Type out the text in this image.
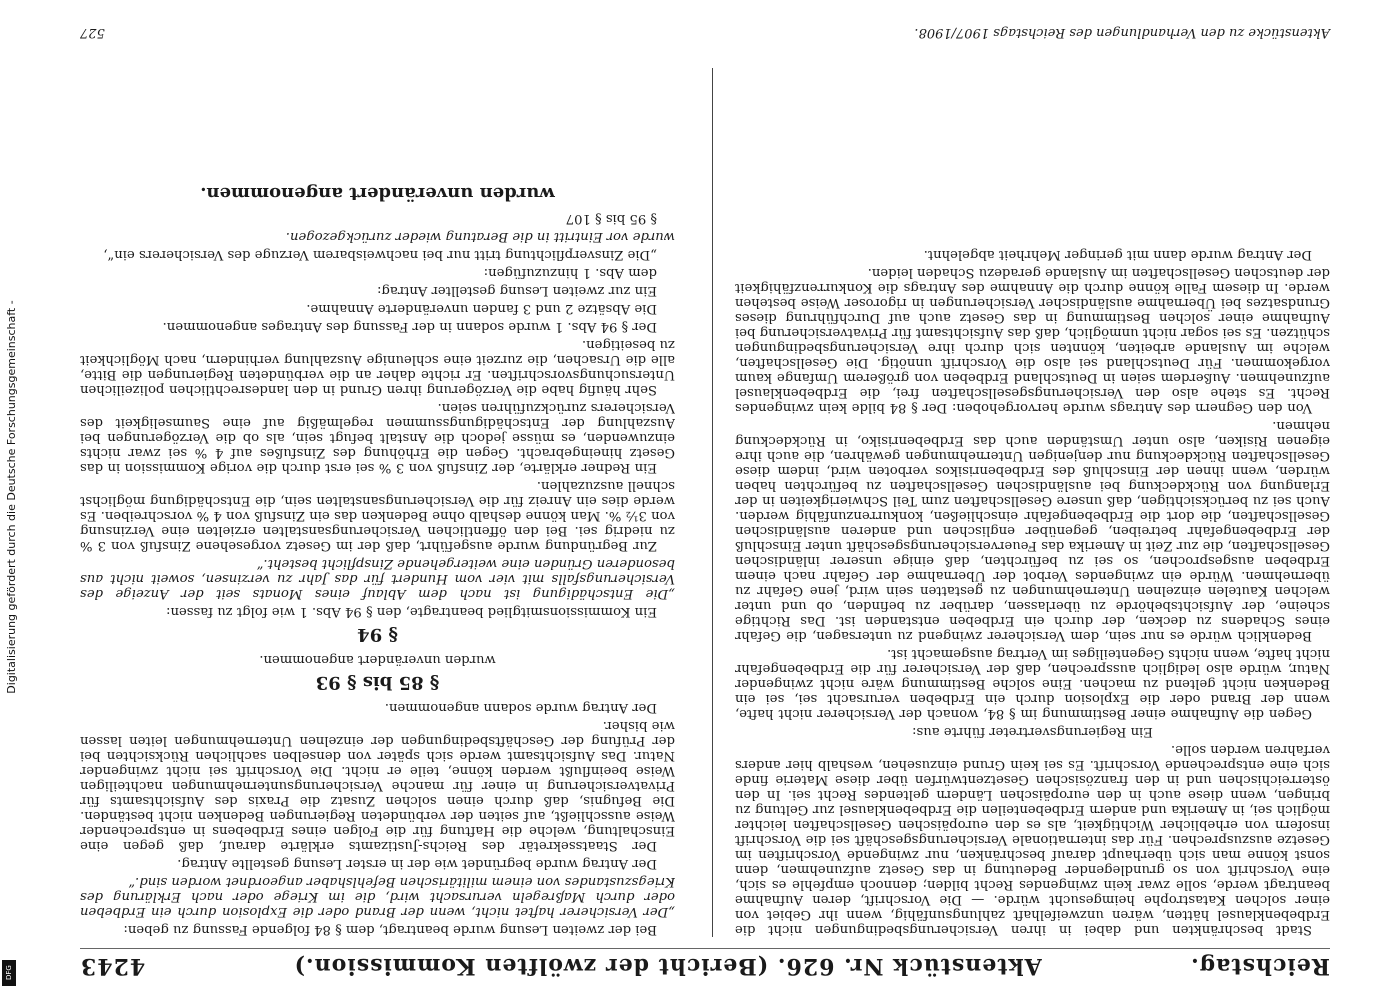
Reichstag.
Aktenstück Nr. 626. (Bericht der zwölften Kommission.)
4243

Stadt beschränkten und dabei in ihren Versicherungsbedingungen nicht die Erdbebenklausel hätten, wären unzweifelhaft zahlungsunfähig, wenn ihr Gebiet von einer solchen Katastrophe heimgesucht würde. — Die Vorschrift, deren Aufnahme beantragt werde, solle zwar kein zwingendes Recht bilden; dennoch empfehle es sich, eine Vorschrift von so grundlegender Bedeutung in das Gesetz aufzunehmen, denn sonst könne man sich überhaupt darauf beschränken, nur zwingende Vorschriften im Gesetze auszusprechen. Für das internationale Versicherungsgeschäft sei die Vorschrift insofern von erheblicher Wichtigkeit, als es den europäischen Gesellschaften leichter möglich sei, in Amerika und andern Erdbebenteilen die Erdbebenklausel zur Geltung zu bringen, wenn diese auch in den europäischen Ländern geltendes Recht sei. In den österreichischen und in den französischen Gesetzentwürfen über diese Materie finde sich eine entsprechende Vorschrift. Es sei kein Grund einzusehen, weshalb hier anders verfahren werden solle.

Ein Regierungsvertreter führte aus:

Gegen die Aufnahme einer Bestimmung im § 84, wonach der Versicherer nicht hafte, wenn der Brand oder die Explosion durch ein Erdbeben verursacht sei, sei ein Bedenken nicht geltend zu machen. Eine solche Bestimmung wäre nicht zwingender Natur, würde also lediglich aussprechen, daß der Versicherer für die Erdbebengefahr nicht hafte, wenn nichts Gegenteiliges im Vertrag ausgemacht ist.

Bedenklich würde es nur sein, dem Versicherer zwingend zu untersagen, die Gefahr eines Schadens zu decken, der durch ein Erdbeben entstanden ist. Das Richtige scheine, der Aufsichtsbehörde zu überlassen, darüber zu befinden, ob und unter welchen Kautelen einzelnen Unternehmungen zu gestatten sein wird, jene Gefahr zu übernehmen. Würde ein zwingendes Verbot der Übernahme der Gefahr nach einem Erdbeben ausgesprochen, so sei zu befürchten, daß einige unserer inländischen Gesellschaften, die zur Zeit in Amerika das Feuerversicherungsgeschäft unter Einschluß der Erdbebengefahr betreiben, gegenüber englischen und anderen ausländischen Gesellschaften, die dort die Erdbebengefahr einschließen, konkurrenzunfähig werden. Auch sei zu berücksichtigen, daß unsere Gesellschaften zum Teil Schwierigkeiten in der Erlangung von Rückdeckung bei ausländischen Gesellschaften zu befürchten haben würden, wenn ihnen der Einschluß des Erdbebenrisikos verboten wird, indem diese Gesellschaften Rückdeckung nur denjenigen Unternehmungen gewähren, die auch ihre eigenen Risiken, also unter Umständen auch das Erdbebenrisiko, in Rückdeckung nehmen.

Von den Gegnern des Antrags wurde hervorgehoben: Der § 84 bilde kein zwingendes Recht. Es stehe also den Versicherungsgesellschaften frei, die Erdbebenklausel aufzunehmen. Außerdem seien in Deutschland Erdbeben von größerem Umfange kaum vorgekommen. Für Deutschland sei also die Vorschrift unnötig. Die Gesellschaften, welche im Auslande arbeiten, könnten sich durch ihre Versicherungsbedingungen schützen. Es sei sogar nicht unmöglich, daß das Aufsichtsamt für Privatversicherung bei Aufnahme einer solchen Bestimmung in das Gesetz auch auf Durchführung dieses Grundsatzes bei Übernahme ausländischer Versicherungen in rigoroser Weise bestehen werde. In diesem Falle könne durch die Annahme des Antrags die Konkurrenzfähigkeit der deutschen Gesellschaften im Auslande geradezu Schaden leiden.

Der Antrag wurde dann mit geringer Mehrheit abgelehnt.

Bei der zweiten Lesung wurde beantragt, dem § 84 folgende Fassung zu geben:

„Der Versicherer haftet nicht, wenn der Brand oder die Explosion durch ein Erdbeben oder durch Maßregeln verursacht wird, die im Kriege oder nach Erklärung des Kriegszustandes von einem militärischen Befehlshaber angeordnet worden sind.“

Der Antrag wurde begründet wie der in erster Lesung gestellte Antrag.

Der Staatssekretär des Reichs-Justizamts erklärte darauf, daß gegen eine Einschaltung, welche die Haftung für die Folgen eines Erdbebens in entsprechender Weise ausschließt, auf seiten der verbündeten Regierungen Bedenken nicht beständen. Die Befugnis, daß durch einen solchen Zusatz die Praxis des Aufsichtsamts für Privatversicherung in einer für manche Versicherungsunternehmungen nachteiligen Weise beeinflußt werden könne, teile er nicht. Die Vorschrift sei nicht zwingender Natur. Das Aufsichtsamt werde sich später von denselben sachlichen Rücksichten bei der Prüfung der Geschäftsbedingungen der einzelnen Unternehmungen leiten lassen wie bisher.

Der Antrag wurde sodann angenommen.

§ 85 bis § 93

wurden unverändert angenommen.

§ 94

Ein Kommissionsmitglied beantragte, den § 94 Abs. 1 wie folgt zu fassen:

„Die Entschädigung ist nach dem Ablauf eines Monats seit der Anzeige des Versicherungsfalls mit vier vom Hundert für das Jahr zu verzinsen, soweit nicht aus besonderen Gründen eine weitergehende Zinspflicht besteht.“

Zur Begründung wurde ausgeführt, daß der im Gesetz vorgesehene Zinsfuß von 3 % zu niedrig sei. Bei den öffentlichen Versicherungsanstalten erzielten eine Verzinsung von 3½ %. Man könne deshalb ohne Bedenken das ein Zinsfuß von 4 % vorschreiben. Es werde dies ein Anreiz für die Versicherungsanstalten sein, die Entschädigung möglichst schnell auszuzahlen.

Ein Redner erklärte, der Zinsfuß von 3 % sei erst durch die vorige Kommission in das Gesetz hineingebracht. Gegen die Erhöhung des Zinsfußes auf 4 % sei zwar nichts einzuwenden, es müsse jedoch die Anstalt befugt sein, als ob die Verzögerungen bei Auszahlung der Entschädigungssummen regelmäßig auf eine Saumseligkeit des Versicherers zurückzuführen seien.

Sehr häufig habe die Verzögerung ihren Grund in den landesrechtlichen polizeilichen Untersuchungsvorschriften. Er richte daher an die verbündeten Regierungen die Bitte, alle die Ursachen, die zurzeit eine schleunige Auszahlung verhindern, nach Möglichkeit zu beseitigen.

Der § 94 Abs. 1 wurde sodann in der Fassung des Antrages angenommen.

Die Absätze 2 und 3 fanden unveränderte Annahme.

Ein zur zweiten Lesung gestellter Antrag:

dem Abs. 1 hinzuzufügen:

„Die Zinsverpflichtung tritt nur bei nachweisbarem Verzuge des Versicherers ein“,

wurde vor Eintritt in die Beratung wieder zurückgezogen.

§ 95 bis § 107

wurden unverändert angenommen.

Aktenstücke zu den Verhandlungen des Reichstags 1907/1908.
527
Digitalisierung gefördert durch die Deutsche Forschungsgemeinschaft -
DFG
